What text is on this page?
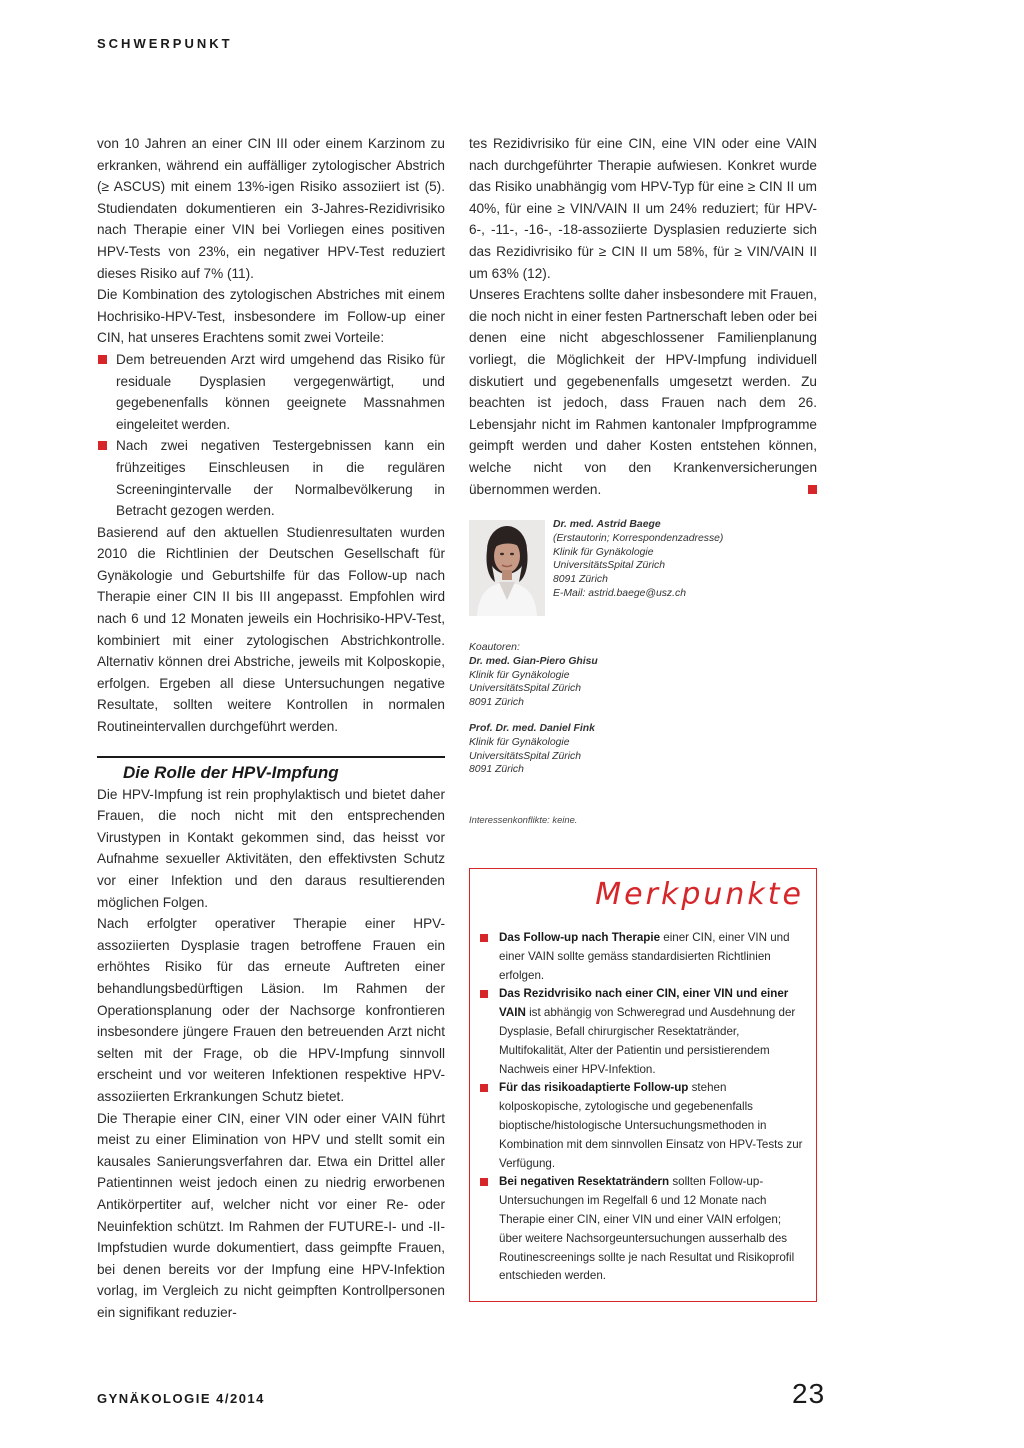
SCHWERPUNKT

von 10 Jahren an einer CIN III oder einem Karzinom zu erkranken, während ein auffälliger zytologischer Abstrich (≥ ASCUS) mit einem 13%-igen Risiko assoziiert ist (5). Studiendaten dokumentieren ein 3-Jahres-Rezidivrisiko nach Therapie einer VIN bei Vorliegen eines positiven HPV-Tests von 23%, ein negativer HPV-Test reduziert dieses Risiko auf 7% (11).

Die Kombination des zytologischen Abstriches mit einem Hochrisiko-HPV-Test, insbesondere im Follow-up einer CIN, hat unseres Erachtens somit zwei Vorteile:

Dem betreuenden Arzt wird umgehend das Risiko für residuale Dysplasien vergegenwärtigt, und gegebenenfalls können geeignete Massnahmen eingeleitet werden.
Nach zwei negativen Testergebnissen kann ein frühzeitiges Einschleusen in die regulären Screeningintervalle der Normalbevölkerung in Betracht gezogen werden.

Basierend auf den aktuellen Studienresultaten wurden 2010 die Richtlinien der Deutschen Gesellschaft für Gynäkologie und Geburtshilfe für das Follow-up nach Therapie einer CIN II bis III angepasst. Empfohlen wird nach 6 und 12 Monaten jeweils ein Hochrisiko-HPV-Test, kombiniert mit einer zytologischen Abstrichkontrolle. Alternativ können drei Abstriche, jeweils mit Kolposkopie, erfolgen. Ergeben all diese Untersuchungen negative Resultate, sollten weitere Kontrollen in normalen Routineintervallen durchgeführt werden.

Die Rolle der HPV-Impfung

Die HPV-Impfung ist rein prophylaktisch und bietet daher Frauen, die noch nicht mit den entsprechenden Virustypen in Kontakt gekommen sind, das heisst vor Aufnahme sexueller Aktivitäten, den effektivsten Schutz vor einer Infektion und den daraus resultierenden möglichen Folgen.

Nach erfolgter operativer Therapie einer HPV-assoziierten Dysplasie tragen betroffene Frauen ein erhöhtes Risiko für das erneute Auftreten einer behandlungsbedürftigen Läsion. Im Rahmen der Operationsplanung oder der Nachsorge konfrontieren insbesondere jüngere Frauen den betreuenden Arzt nicht selten mit der Frage, ob die HPV-Impfung sinnvoll erscheint und vor weiteren Infektionen respektive HPV-assoziierten Erkrankungen Schutz bietet.

Die Therapie einer CIN, einer VIN oder einer VAIN führt meist zu einer Elimination von HPV und stellt somit ein kausales Sanierungsverfahren dar. Etwa ein Drittel aller Patientinnen weist jedoch einen zu niedrig erworbenen Antikörpertiter auf, welcher nicht vor einer Re- oder Neuinfektion schützt. Im Rahmen der FUTURE-I- und -II-Impfstudien wurde dokumentiert, dass geimpfte Frauen, bei denen bereits vor der Impfung eine HPV-Infektion vorlag, im Vergleich zu nicht geimpften Kontrollpersonen ein signifikant reduzier-

tes Rezidivrisiko für eine CIN, eine VIN oder eine VAIN nach durchgeführter Therapie aufwiesen. Konkret wurde das Risiko unabhängig vom HPV-Typ für eine ≥ CIN II um 40%, für eine ≥ VIN/VAIN II um 24% reduziert; für HPV-6-, -11-, -16-, -18-assoziierte Dysplasien reduzierte sich das Rezidivrisiko für ≥ CIN II um 58%, für ≥ VIN/VAIN II um 63% (12).

Unseres Erachtens sollte daher insbesondere mit Frauen, die noch nicht in einer festen Partnerschaft leben oder bei denen eine nicht abgeschlossener Familienplanung vorliegt, die Möglichkeit der HPV-Impfung individuell diskutiert und gegebenenfalls umgesetzt werden. Zu beachten ist jedoch, dass Frauen nach dem 26. Lebensjahr nicht im Rahmen kantonaler Impfprogramme geimpft werden und daher Kosten entstehen können, welche nicht von den Krankenversicherungen übernommen werden.

Dr. med. Astrid Baege
(Erstautorin; Korrespondenzadresse)
Klinik für Gynäkologie
UniversitätsSpital Zürich
8091 Zürich
E-Mail: astrid.baege@usz.ch
Koautoren:
Dr. med. Gian-Piero Ghisu
Klinik für Gynäkologie
UniversitätsSpital Zürich
8091 Zürich
Prof. Dr. med. Daniel Fink
Klinik für Gynäkologie
UniversitätsSpital Zürich
8091 Zürich
Interessenkonflikte: keine.
Merkpunkte
Das Follow-up nach Therapie einer CIN, einer VIN und einer VAIN sollte gemäss standardisierten Richtlinien erfolgen.
Das Rezidvrisiko nach einer CIN, einer VIN und einer VAIN ist abhängig von Schweregrad und Ausdehnung der Dysplasie, Befall chirurgischer Resektatränder, Multifokalität, Alter der Patientin und persistierendem Nachweis einer HPV-Infektion.
Für das risikoadaptierte Follow-up stehen kolposkopische, zytologische und gegebenenfalls bioptische/histologische Untersuchungsmethoden in Kombination mit dem sinnvollen Einsatz von HPV-Tests zur Verfügung.
Bei negativen Resektaträndern sollten Follow-up-Untersuchungen im Regelfall 6 und 12 Monate nach Therapie einer CIN, einer VIN und einer VAIN erfolgen; über weitere Nachsorgeuntersuchungen ausserhalb des Routinescreenings sollte je nach Resultat und Risikoprofil entschieden werden.
GYNÄKOLOGIE 4/2014	23
